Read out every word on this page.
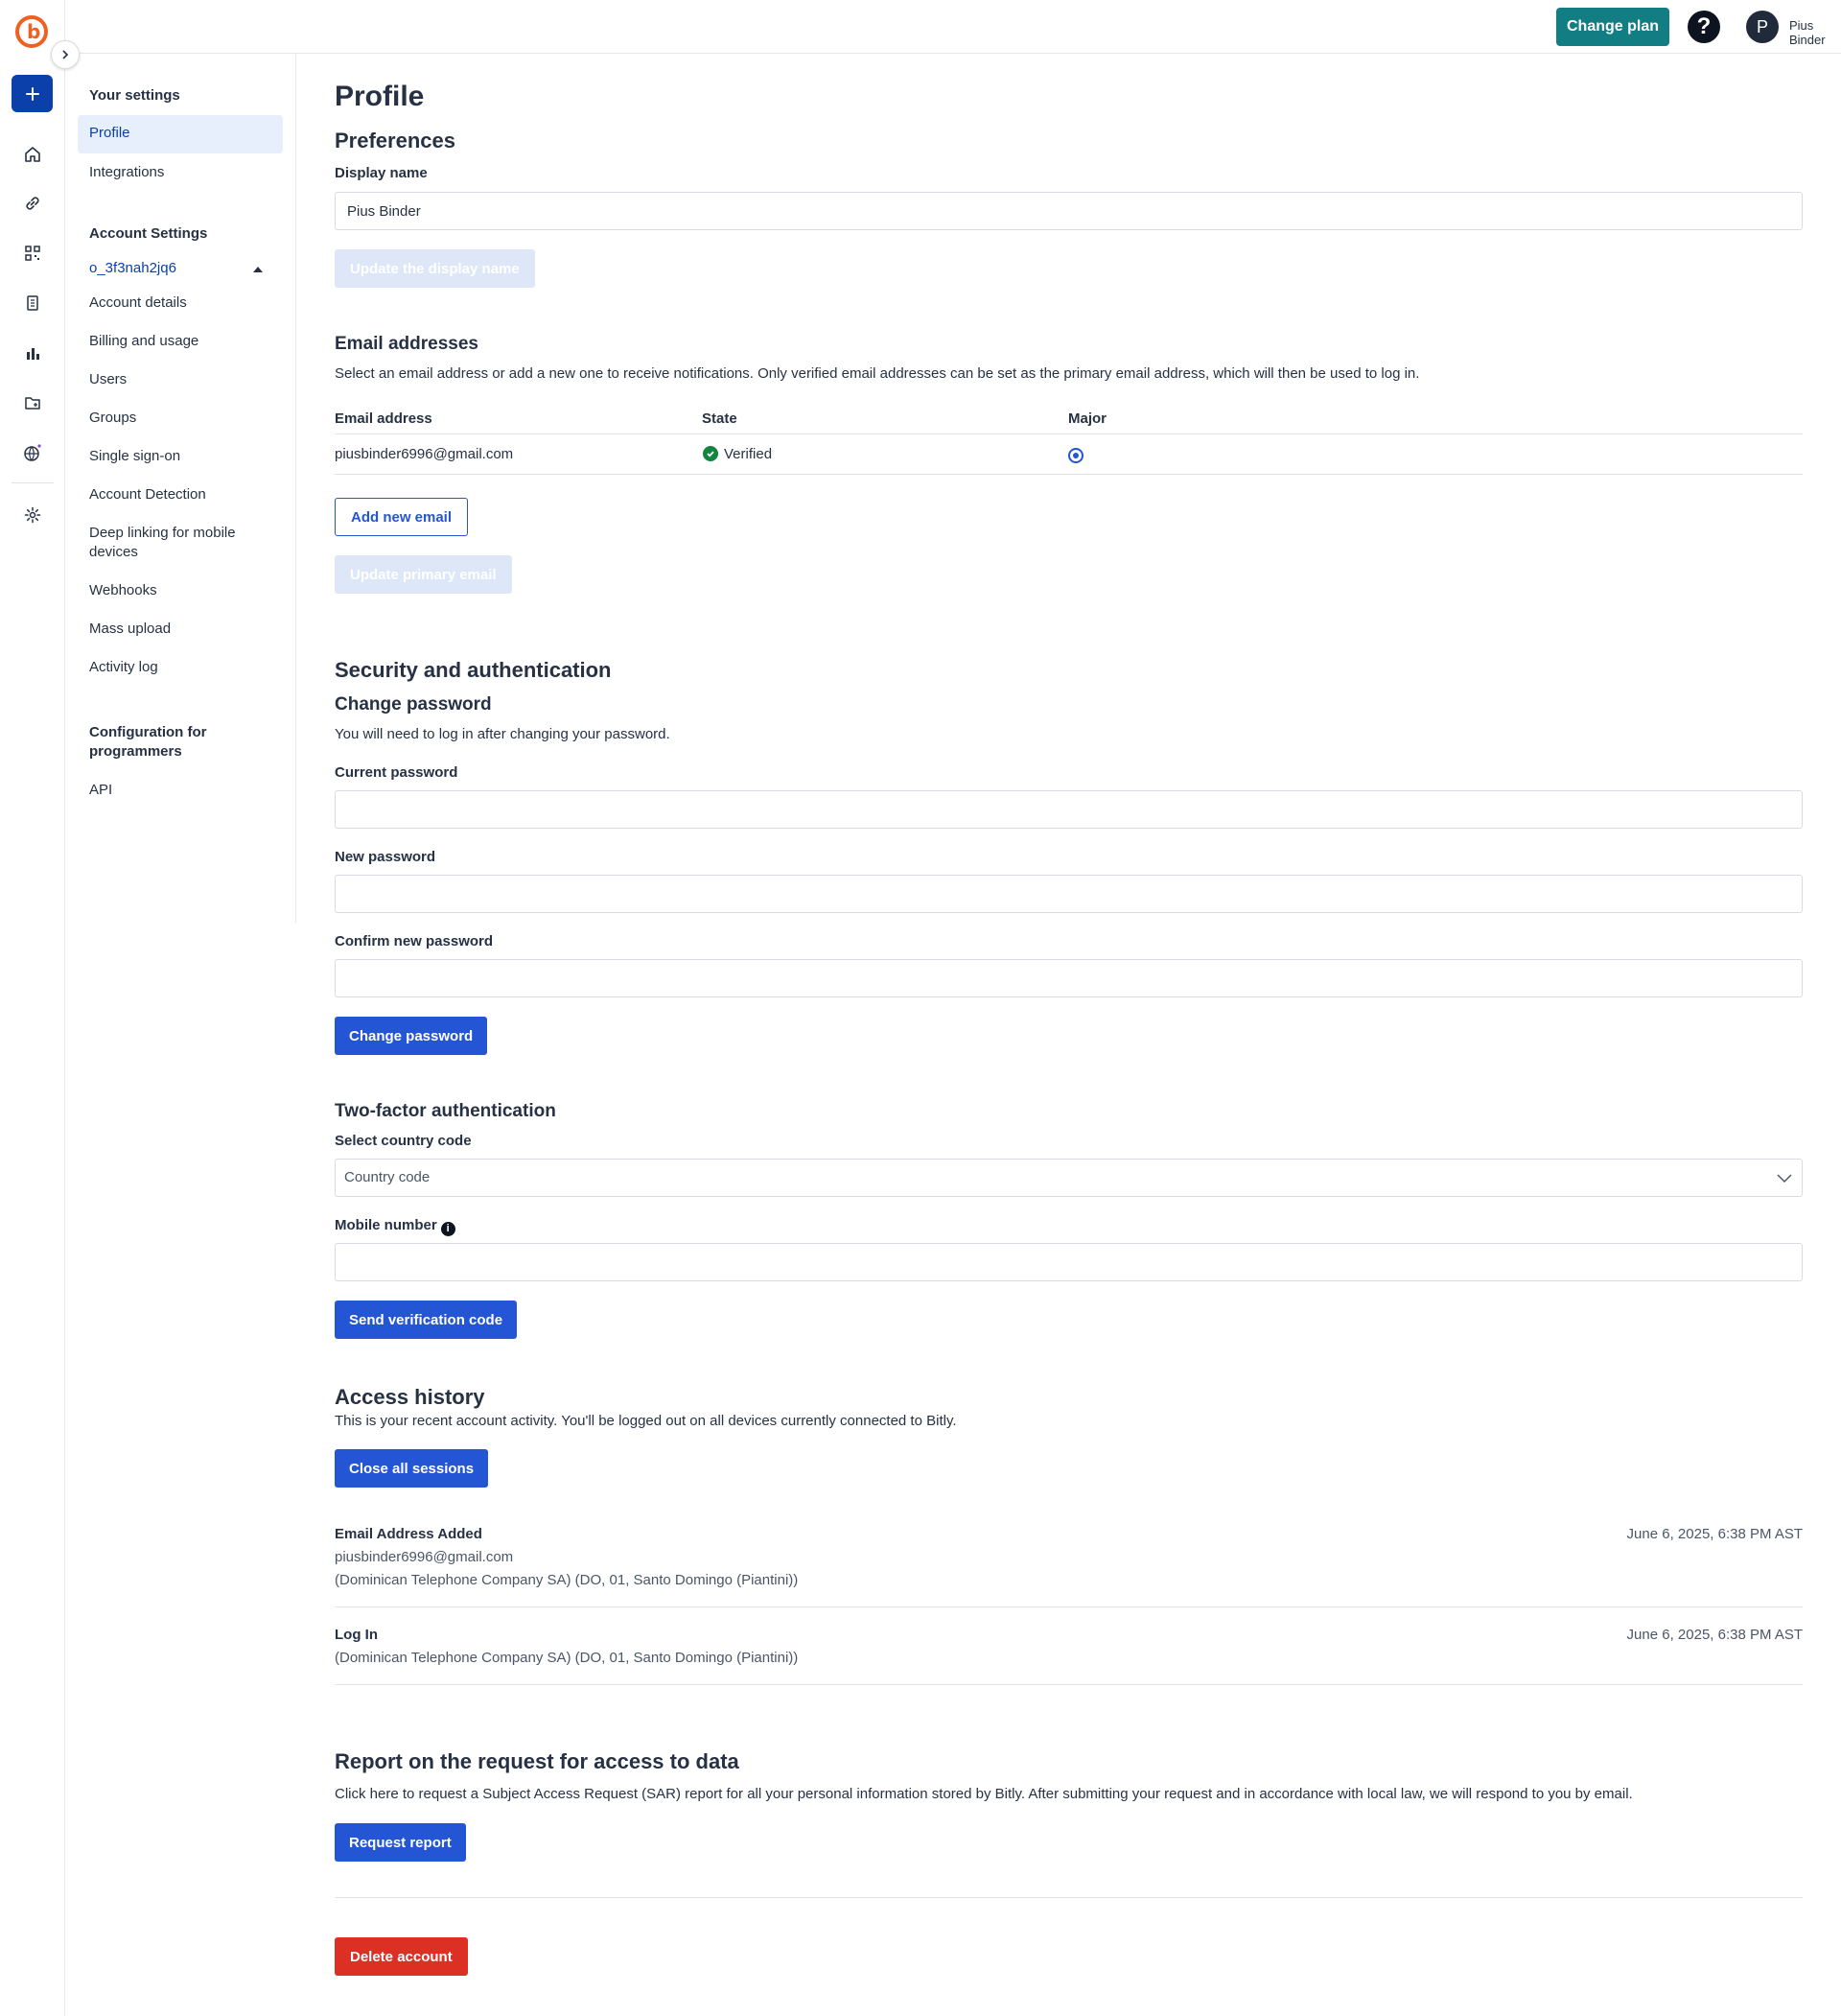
b	Change plan	?	P	Pius Binder
Your settings
Profile
Integrations
Account Settings
o_3f3nah2jq6
Account details
Billing and usage
Users
Groups
Single sign-on
Account Detection
Deep linking for mobile devices
Webhooks
Mass upload
Activity log
Configuration for programmers
API
Profile
Preferences
Display name
Pius Binder
Update the display name
Email addresses
Select an email address or add a new one to receive notifications. Only verified email addresses can be set as the primary email address, which will then be used to log in.
Email address	State	Major
piusbinder6996@gmail.com	Verified
Add new email
Update primary email
Security and authentication
Change password
You will need to log in after changing your password.
Current password
New password
Confirm new password
Change password
Two-factor authentication
Select country code
Country code
Mobile number i
Send verification code
Access history
This is your recent account activity. You'll be logged out on all devices currently connected to Bitly.
Close all sessions
Email Address Added	June 6, 2025, 6:38 PM AST
piusbinder6996@gmail.com
(Dominican Telephone Company SA) (DO, 01, Santo Domingo (Piantini))
Log In	June 6, 2025, 6:38 PM AST
(Dominican Telephone Company SA) (DO, 01, Santo Domingo (Piantini))
Report on the request for access to data
Click here to request a Subject Access Request (SAR) report for all your personal information stored by Bitly. After submitting your request and in accordance with local law, we will respond to you by email.
Request report
Delete account
